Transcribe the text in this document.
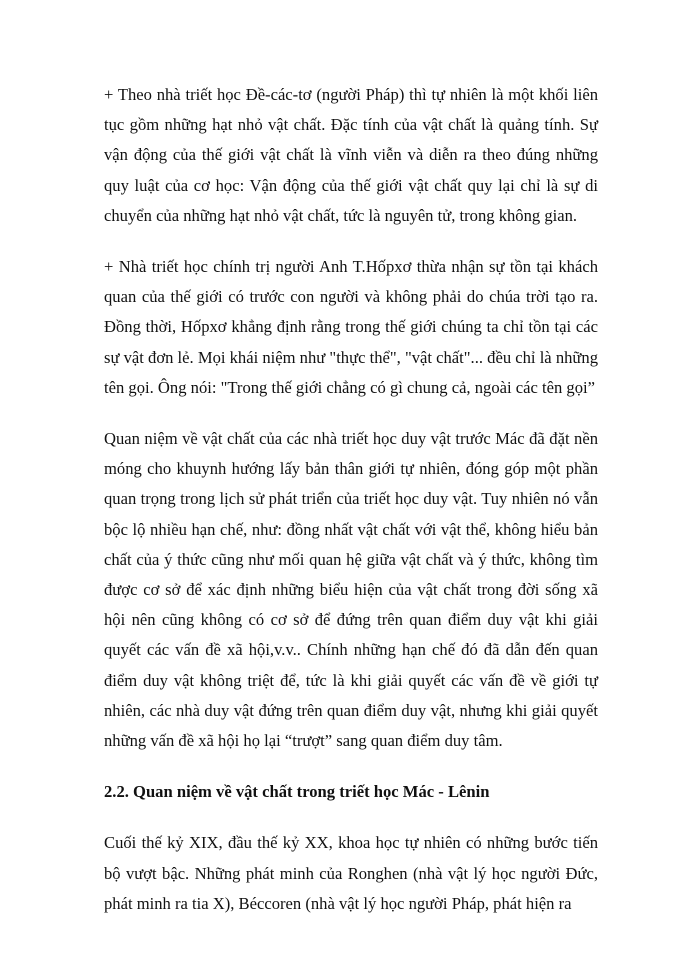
+ Theo nhà triết học Đề-các-tơ (người Pháp) thì tự nhiên là một khối liên tục gồm những hạt nhỏ vật chất. Đặc tính của vật chất là quảng tính. Sự vận động của thế giới vật chất là vĩnh viễn và diễn ra theo đúng những quy luật của cơ học: Vận động của thế giới vật chất quy lại chỉ là sự di chuyển của những hạt nhỏ vật chất, tức là nguyên tử, trong không gian.

+ Nhà triết học chính trị người Anh T.Hốpxơ thừa nhận sự tồn tại khách quan của thế giới có trước con người và không phải do chúa trời tạo ra. Đồng thời, Hốpxơ khẳng định rằng trong thế giới chúng ta chỉ tồn tại các sự vật đơn lẻ. Mọi khái niệm như "thực thể", "vật chất"... đều chỉ là những tên gọi. Ông nói: "Trong thế giới chẳng có gì chung cả, ngoài các tên gọi”

Quan niệm về vật chất của các nhà triết học duy vật trước Mác đã đặt nền móng cho khuynh hướng lấy bản thân giới tự nhiên, đóng góp một phần quan trọng trong lịch sử phát triển của triết học duy vật. Tuy nhiên nó vẫn bộc lộ nhiều hạn chế, như: đồng nhất vật chất với vật thể, không hiểu bản chất của ý thức cũng như mối quan hệ giữa vật chất và ý thức, không tìm được cơ sở để xác định những biểu hiện của vật chất trong đời sống xã hội nên cũng không có cơ sở để đứng trên quan điểm duy vật khi giải quyết các vấn đề xã hội,v.v.. Chính những hạn chế đó đã dẫn đến quan điểm duy vật không triệt để, tức là khi giải quyết các vấn đề về giới tự nhiên, các nhà duy vật đứng trên quan điểm duy vật, nhưng khi giải quyết những vấn đề xã hội họ lại “trượt” sang quan điểm duy tâm.

2.2. Quan niệm về vật chất trong triết học Mác - Lênin

Cuối thế kỷ XIX, đầu thế kỷ XX, khoa học tự nhiên có những bước tiến bộ vượt bậc. Những phát minh của Ronghen (nhà vật lý học người Đức, phát minh ra tia X), Béccoren (nhà vật lý học người Pháp, phát hiện ra
